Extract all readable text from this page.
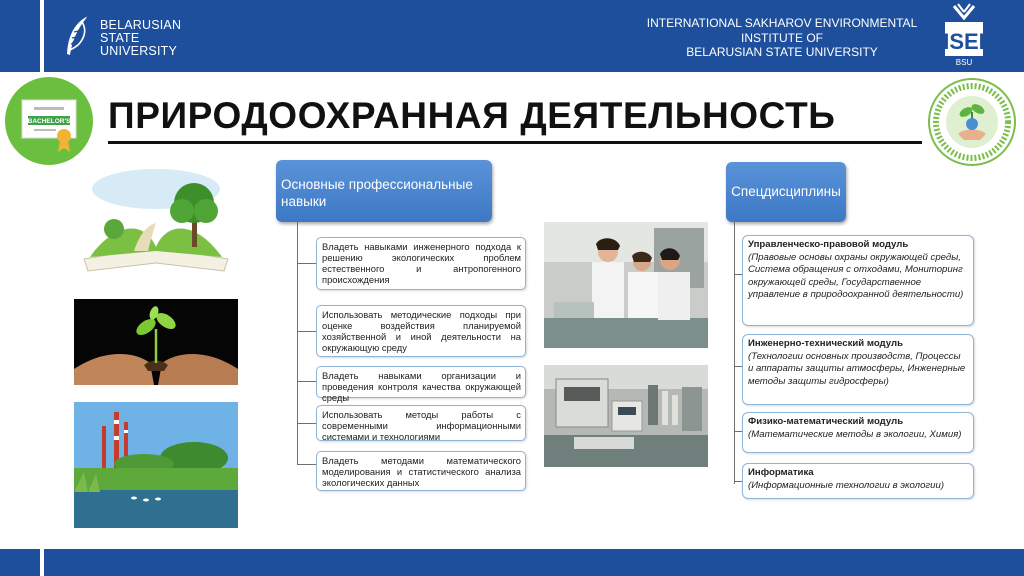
BELARUSIAN
STATE
UNIVERSITY
INTERNATIONAL SAKHAROV ENVIRONMENTAL
INSTITUTE OF
BELARUSIAN STATE UNIVERSITY	ISEI
BSU
BACHELOR'S ПРИРОДООХРАННАЯ ДЕЯТЕЛЬНОСТЬ
Основные профессиональные навыки
Владеть навыками инженерного подхода к решению экологических проблем естественного и антропогенного происхождения
Использовать методические подходы при оценке воздействия планируемой хозяйственной и иной деятельности на окружающую среду
Владеть навыками организации и проведения контроля качества окружающей среды
Использовать методы работы с современными информационными системами и технологиями
Владеть методами математического моделирования и статистического анализа экологических данных
Спецдисциплины
Управленческо-правовой модуль
(Правовые основы охраны окружающей среды, Система обращения с отходами, Мониторинг окружающей среды, Государственное управление в природоохранной деятельности)
Инженерно-технический модуль
(Технологии основных производств, Процессы и аппараты защиты атмосферы, Инженерные методы защиты гидросферы)
Физико-математический модуль
(Математические методы в экологии, Химия)
Информатика
(Информационные технологии в экологии)
